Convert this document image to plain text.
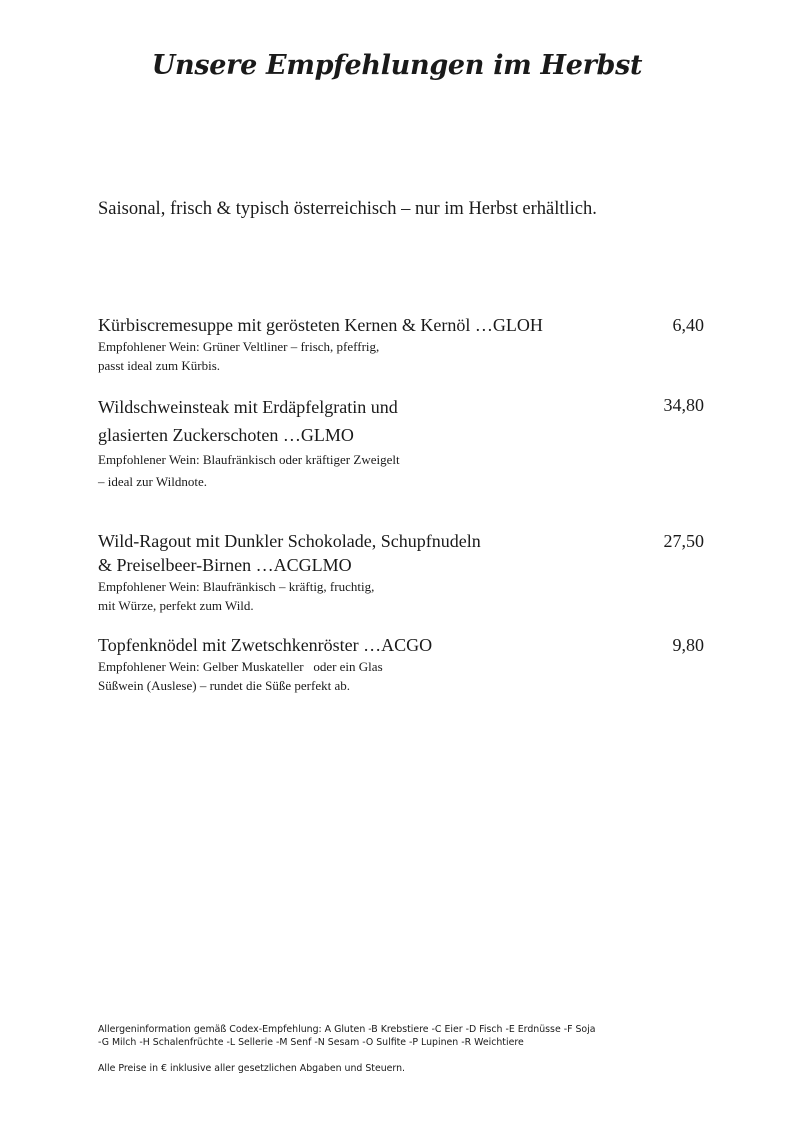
Unsere Empfehlungen im Herbst

Saisonal, frisch & typisch österreichisch – nur im Herbst erhältlich.

Kürbiscremesuppe mit gerösteten Kernen & Kernöl …GLOH	6,40

Empfohlener Wein: Grüner Veltliner – frisch, pfeffrig,
passt ideal zum Kürbis.

Wildschweinsteak mit Erdäpfelgratin und
glasierten Zuckerschoten …GLMO

34,80

Empfohlener Wein: Blaufränkisch oder kräftiger Zweigelt
– ideal zur Wildnote.

Wild-Ragout mit Dunkler Schokolade, Schupfnudeln
& Preiselbeer-Birnen …ACGLMO

27,50

Empfohlener Wein: Blaufränkisch – kräftig, fruchtig,
mit Würze, perfekt zum Wild.

Topfenknödel mit Zwetschkenröster …ACGO	9,80

Empfohlener Wein: Gelber Muskateller   oder ein Glas
Süßwein (Auslese) – rundet die Süße perfekt ab.

Allergeninformation gemäß Codex-Empfehlung: A Gluten -B Krebstiere -C Eier -D Fisch -E Erdnüsse -F Soja
-G Milch -H Schalenfrüchte -L Sellerie -M Senf -N Sesam -O Sulfite -P Lupinen -R Weichtiere

Alle Preise in € inklusive aller gesetzlichen Abgaben und Steuern.
